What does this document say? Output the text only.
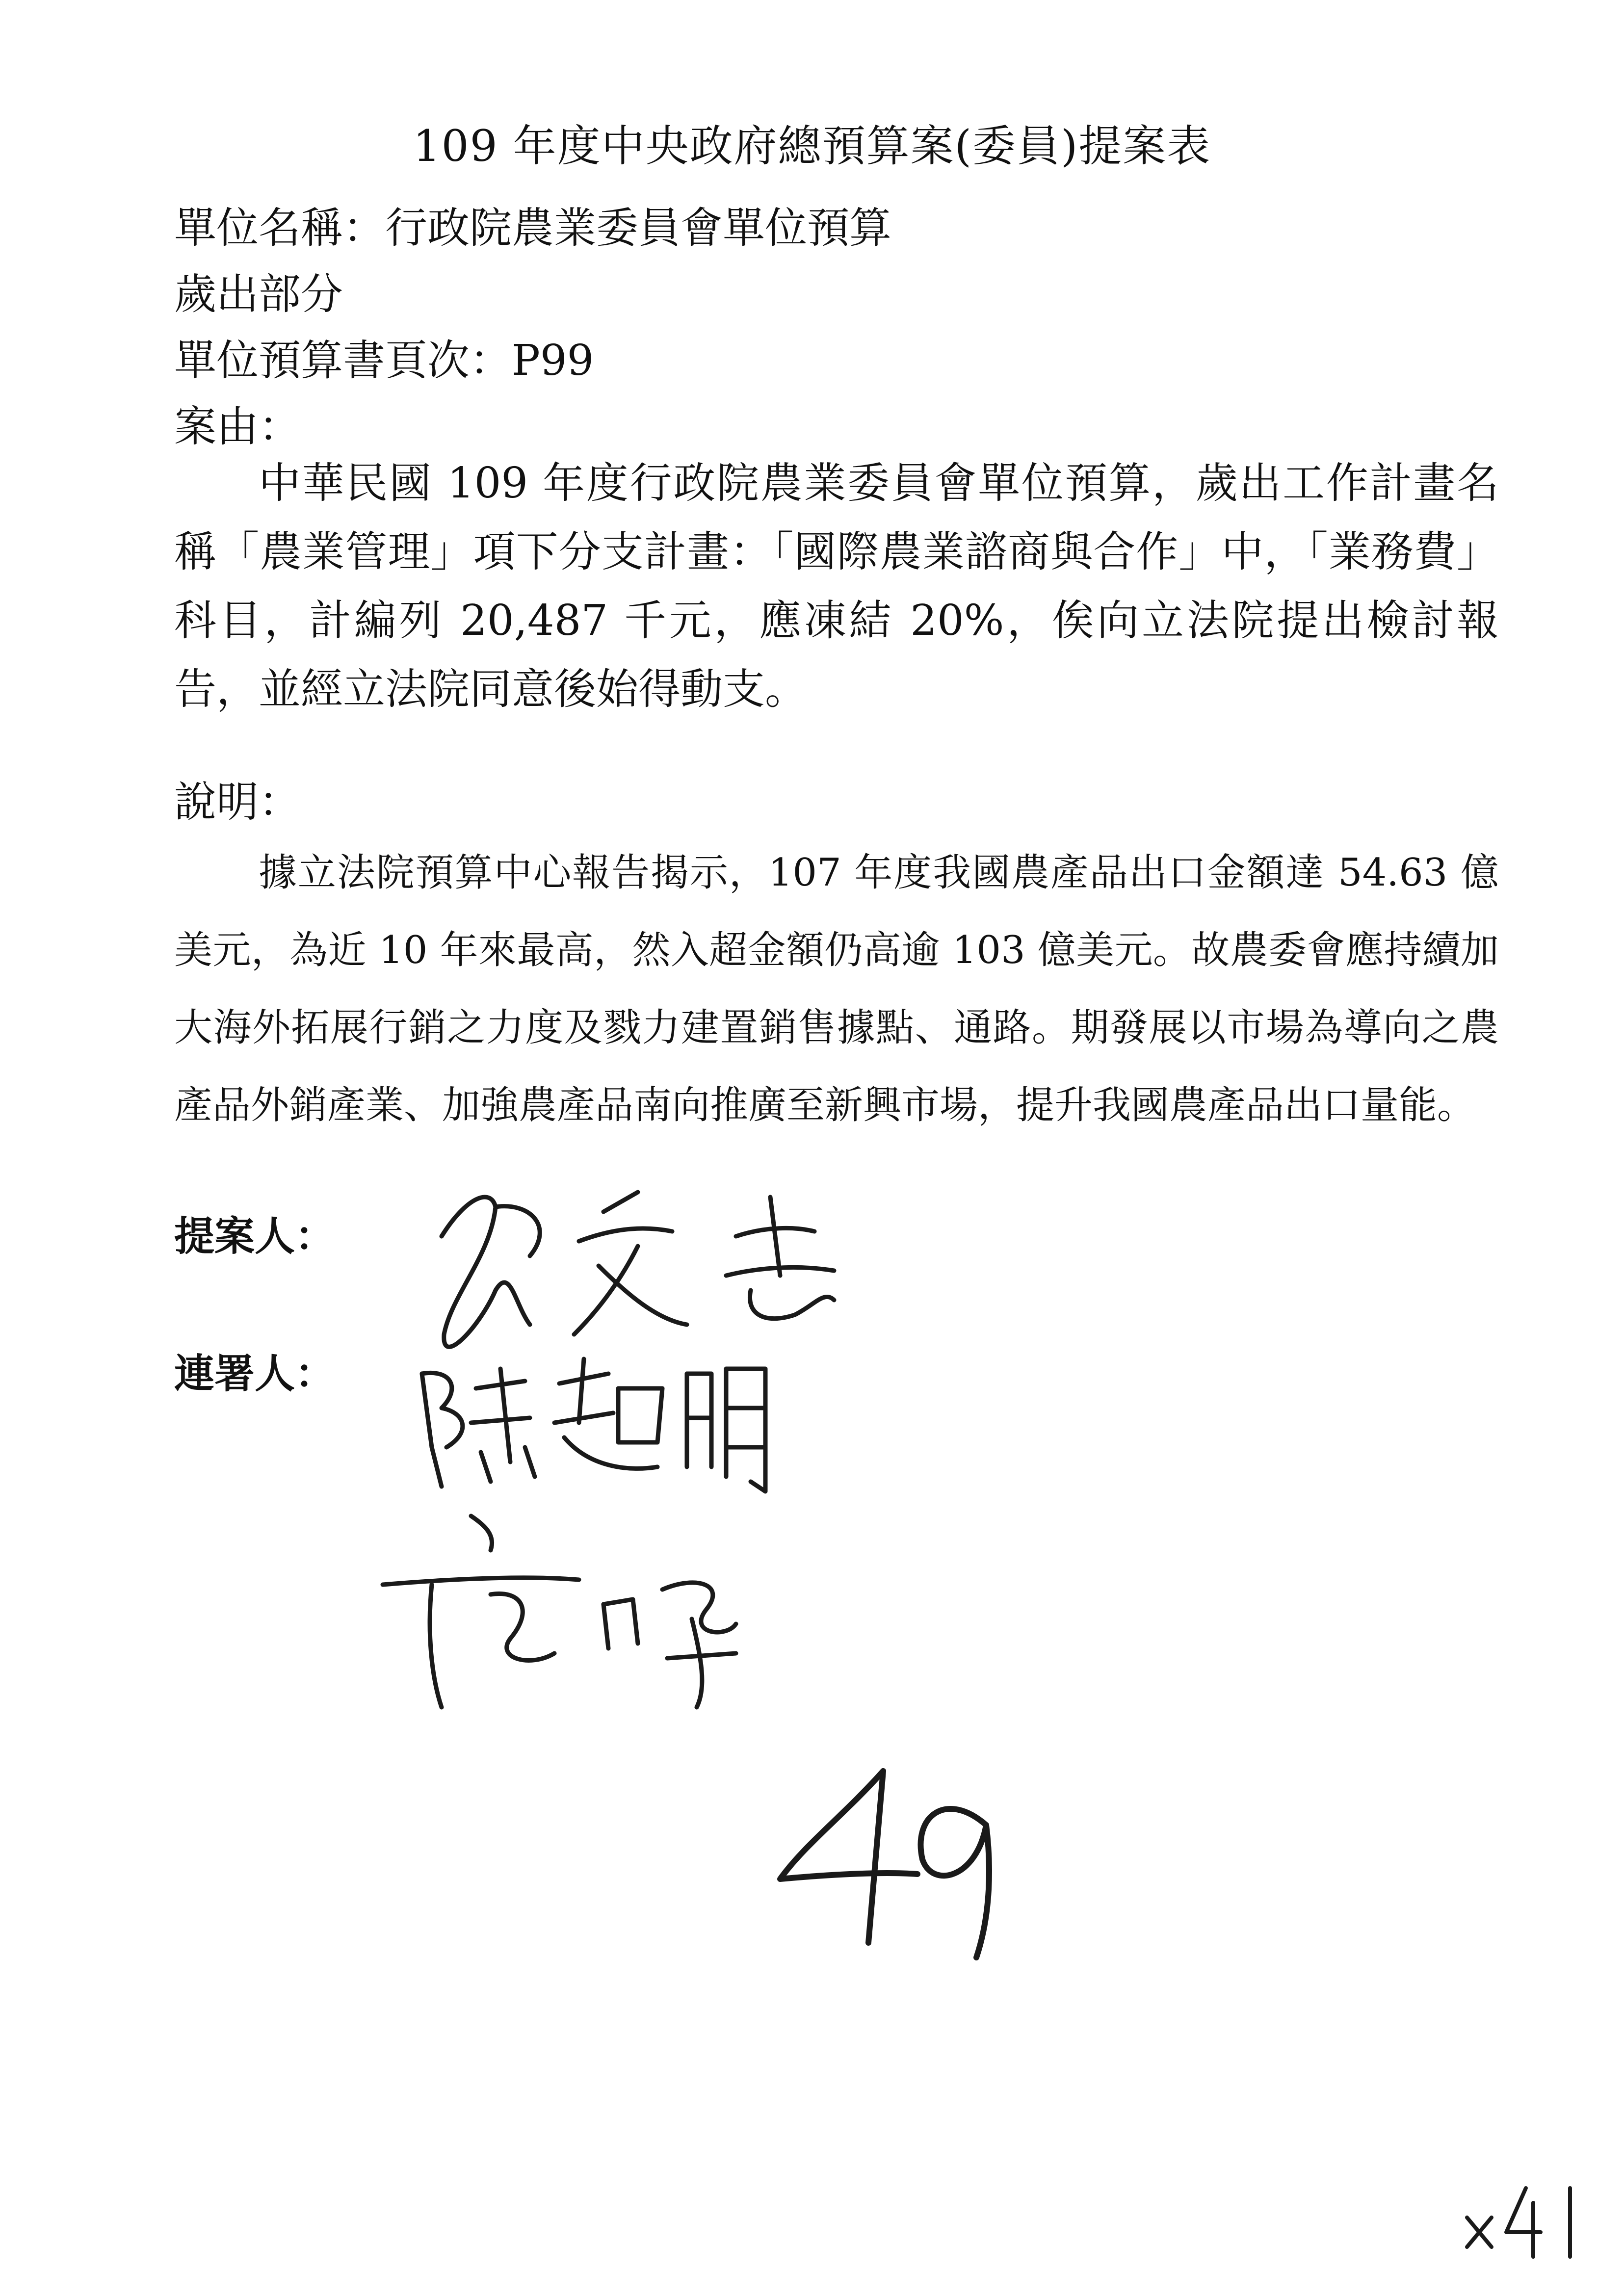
109 年度中央政府總預算案(委員)提案表
單位名稱：行政院農業委員會單位預算
歲出部分
單位預算書頁次：P99
案由：
中華民國 109 年度行政院農業委員會單位預算，歲出工作計畫名稱「農業管理」項下分支計畫：「國際農業諮商與合作」中，「業務費」科目，計編列 20,487 千元，應凍結 20%，俟向立法院提出檢討報告，並經立法院同意後始得動支。
說明：
據立法院預算中心報告揭示，107 年度我國農產品出口金額達 54.63 億美元，為近 10 年來最高，然入超金額仍高逾 103 億美元。故農委會應持續加大海外拓展行銷之力度及戮力建置銷售據點、通路。期發展以市場為導向之農產品外銷產業、加強農產品南向推廣至新興市場，提升我國農產品出口量能。
提案人：
連署人：
